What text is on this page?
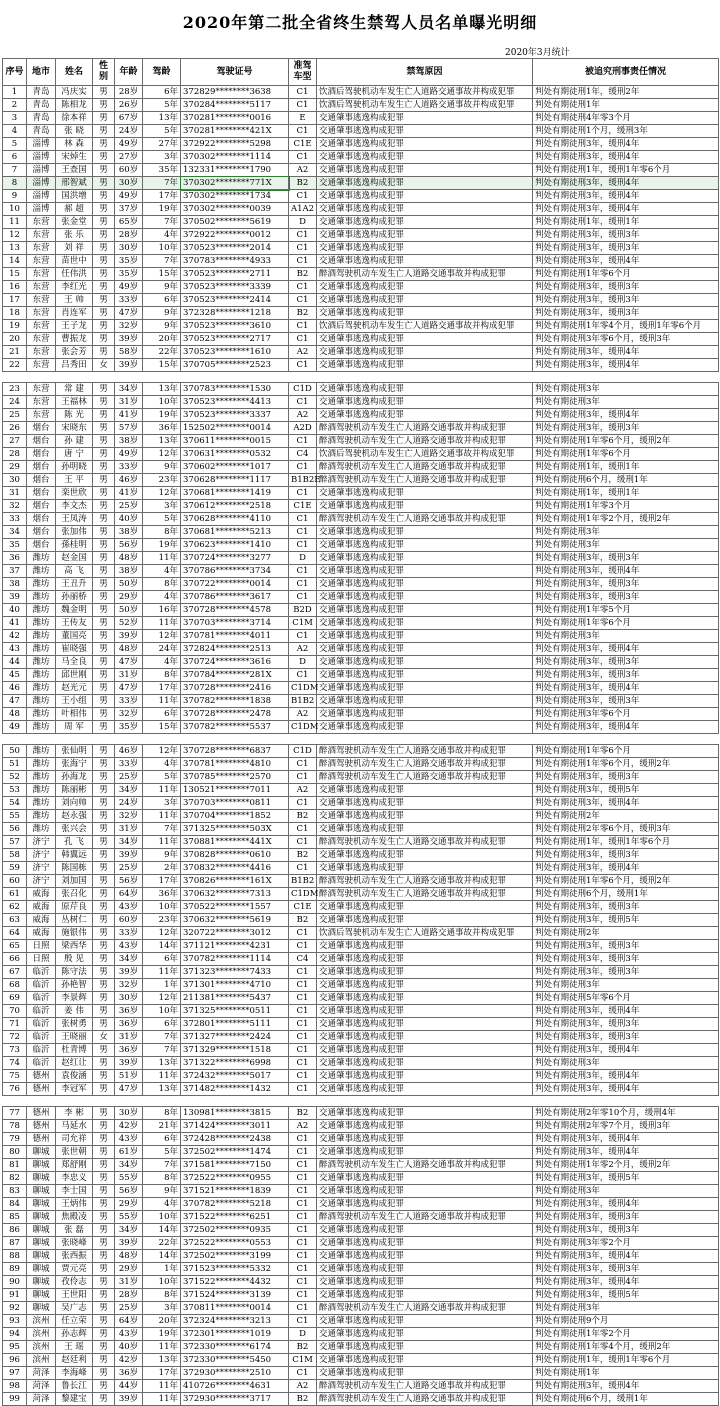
2020年第二批全省终生禁驾人员名单曝光明细
2020年3月统计
序号	地市	姓名	性别	年龄	驾龄	驾驶证号	准驾车型	禁驾原因	被追究刑事责任情况
1	青岛	冯庆实	男	28岁	6年	372829********3638	C1	饮酒后驾驶机动车发生亡人道路交通事故并构成犯罪	判处有期徒刑1年，缓刑2年
2	青岛	陈相龙	男	26岁	5年	370284********5117	C1	饮酒后驾驶机动车发生亡人道路交通事故并构成犯罪	判处有期徒刑1年
3	青岛	徐本祥	男	67岁	13年	370281********0016	E	交通肇事逃逸构成犯罪	判处有期徒刑4年零3个月
4	青岛	张 晓	男	24岁	5年	370281********421X	C1	交通肇事逃逸构成犯罪	判处有期徒刑1个月，缓刑3年
5	淄博	林 森	男	49岁	27年	372922********5298	C1E	交通肇事逃逸构成犯罪	判处有期徒刑3年，缓刑4年
6	淄博	宋焯生	男	27岁	3年	370302********1114	C1	交通肇事逃逸构成犯罪	判处有期徒刑3年，缓刑4年
7	淄博	王查国	男	60岁	35年	132331********1790	A2	交通肇事逃逸构成犯罪	判处有期徒刑1年，缓刑1年零6个月
8	淄博	邢智斌	男	30岁	7年	370302********771X	B2	交通肇事逃逸构成犯罪	判处有期徒刑3年，缓刑4年
9	淄博	国洪增	男	49岁	17年	370302********1734	C1	交通肇事逃逸构成犯罪	判处有期徒刑3年，缓刑4年
10	淄博	郝 超	男	37岁	19年	370302********0039	A1A2	交通肇事逃逸构成犯罪	判处有期徒刑3年，缓刑4年
11	东营	张金堂	男	65岁	7年	370502********5619	D	交通肇事逃逸构成犯罪	判处有期徒刑1年，缓刑1年
12	东营	张 乐	男	28岁	4年	372922********0012	C1	交通肇事逃逸构成犯罪	判处有期徒刑3年，缓刑3年
13	东营	刘 祥	男	30岁	10年	370523********2014	C1	交通肇事逃逸构成犯罪	判处有期徒刑3年，缓刑3年
14	东营	苗世中	男	35岁	7年	370783********4933	C1	交通肇事逃逸构成犯罪	判处有期徒刑3年，缓刑4年
15	东营	任伟洪	男	35岁	15年	370523********2711	B2	醉酒驾驶机动车发生亡人道路交通事故并构成犯罪	判处有期徒刑1年零6个月
16	东营	李红光	男	49岁	9年	370523********3339	C1	交通肇事逃逸构成犯罪	判处有期徒刑3年，缓刑3年
17	东营	王 帅	男	33岁	6年	370523********2414	C1	交通肇事逃逸构成犯罪	判处有期徒刑3年，缓刑3年
18	东营	肖连军	男	47岁	9年	372328********1218	B2	交通肇事逃逸构成犯罪	判处有期徒刑3年，缓刑3年
19	东营	王子龙	男	32岁	9年	370523********3610	C1	饮酒后驾驶机动车发生亡人道路交通事故并构成犯罪	判处有期徒刑1年零4个月，缓刑1年零6个月
20	东营	曹振龙	男	39岁	20年	370523********2717	C1	交通肇事逃逸构成犯罪	判处有期徒刑3年零6个月，缓刑3年
21	东营	张会芳	男	58岁	22年	370523********1610	A2	交通肇事逃逸构成犯罪	判处有期徒刑3年，缓刑4年
22	东营	吕秀田	女	39岁	15年	370705********2523	C1	交通肇事逃逸构成犯罪	判处有期徒刑3年，缓刑4年

23	东营	常 建	男	34岁	13年	370783********1530	C1D	交通肇事逃逸构成犯罪	判处有期徒刑3年
24	东营	王福林	男	31岁	10年	370523********4413	C1	交通肇事逃逸构成犯罪	判处有期徒刑3年
25	东营	陈 光	男	41岁	19年	370523********3337	A2	交通肇事逃逸构成犯罪	判处有期徒刑3年，缓刑4年
26	烟台	宋晓东	男	57岁	36年	152502********0014	A2D	醉酒驾驶机动车发生亡人道路交通事故并构成犯罪	判处有期徒刑3年，缓刑3年
27	烟台	孙 建	男	38岁	13年	370611********0015	C1	醉酒驾驶机动车发生亡人道路交通事故并构成犯罪	判处有期徒刑1年零6个月，缓刑2年
28	烟台	唐 宁	男	49岁	12年	370631********0532	C4	饮酒后驾驶机动车发生亡人道路交通事故并构成犯罪	判处有期徒刑1年零6个月
29	烟台	孙明晓	男	33岁	9年	370602********1017	C1	醉酒驾驶机动车发生亡人道路交通事故并构成犯罪	判处有期徒刑1年，缓刑1年
30	烟台	王 平	男	46岁	23年	370628********1117	B1B2E	醉酒驾驶机动车发生亡人道路交通事故并构成犯罪	判处有期徒刑6个月，缓刑1年
31	烟台	栾世欣	男	41岁	12年	370681********1419	C1	交通肇事逃逸构成犯罪	判处有期徒刑1年，缓刑1年
32	烟台	李文杰	男	25岁	3年	370612********2518	C1E	交通肇事逃逸构成犯罪	判处有期徒刑1年零3个月
33	烟台	王凤涛	男	40岁	5年	370628********4110	C1	醉酒驾驶机动车发生亡人道路交通事故并构成犯罪	判处有期徒刑1年零2个月，缓刑2年
34	烟台	张加伟	男	38岁	8年	370681********5213	C1	交通肇事逃逸构成犯罪	判处有期徒刑3年
35	烟台	孫桂明	男	56岁	19年	370623********1410	C1	交通肇事逃逸构成犯罪	判处有期徒刑3年
36	潍坊	赵金国	男	48岁	11年	370724********3277	D	交通肇事逃逸构成犯罪	判处有期徒刑3年，缓刑3年
37	潍坊	高 飞	男	38岁	4年	370786********3734	C1	交通肇事逃逸构成犯罪	判处有期徒刑3年，缓刑4年
38	潍坊	王丑升	男	50岁	8年	370722********0014	C1	交通肇事逃逸构成犯罪	判处有期徒刑3年，缓刑3年
39	潍坊	孙丽桥	男	29岁	4年	370786********3617	C1	交通肇事逃逸构成犯罪	判处有期徒刑3年，缓刑3年
40	潍坊	魏金明	男	50岁	16年	370728********4578	B2D	交通肇事逃逸构成犯罪	判处有期徒刑1年零5个月
41	潍坊	王传友	男	52岁	11年	370703********3714	C1M	交通肇事逃逸构成犯罪	判处有期徒刑1年零6个月
42	潍坊	董国亮	男	39岁	12年	370781********4011	C1	交通肇事逃逸构成犯罪	判处有期徒刑3年
43	潍坊	崔晓强	男	48岁	24年	372824********2513	A2	交通肇事逃逸构成犯罪	判处有期徒刑3年，缓刑4年
44	潍坊	马全良	男	47岁	4年	370724********3616	D	交通肇事逃逸构成犯罪	判处有期徒刑3年，缓刑3年
45	潍坊	邱世刚	男	31岁	8年	370784********281X	C1	交通肇事逃逸构成犯罪	判处有期徒刑3年，缓刑3年
46	潍坊	赵光元	男	47岁	17年	370728********2416	C1DM	交通肇事逃逸构成犯罪	判处有期徒刑3年，缓刑4年
47	潍坊	王小组	男	33岁	11年	370782********1838	B1B2	交通肇事逃逸构成犯罪	判处有期徒刑3年，缓刑3年
48	潍坊	叶相伟	男	32岁	6年	370728********2478	A2	交通肇事逃逸构成犯罪	判处有期徒刑3年零6个月
49	潍坊	周 军	男	35岁	15年	370782********5537	C1DM	交通肇事逃逸构成犯罪	判处有期徒刑3年，缓刑4年

50	潍坊	张仙明	男	46岁	12年	370728********6837	C1D	醉酒驾驶机动车发生亡人道路交通事故并构成犯罪	判处有期徒刑1年零6个月
51	潍坊	张海宁	男	33岁	4年	370781********4810	C1	醉酒驾驶机动车发生亡人道路交通事故并构成犯罪	判处有期徒刑1年零6个月，缓刑2年
52	潍坊	孙海龙	男	25岁	5年	370785********2570	C1	醉酒驾驶机动车发生亡人道路交通事故并构成犯罪	判处有期徒刑3年，缓刑3年
53	潍坊	陈丽彬	男	34岁	11年	130521********7011	A2	交通肇事逃逸构成犯罪	判处有期徒刑3年，缓刑5年
54	潍坊	刘向帅	男	24岁	3年	370703********0811	C1	交通肇事逃逸构成犯罪	判处有期徒刑3年，缓刑4年
55	潍坊	赵永强	男	32岁	11年	370704********1852	B2	交通肇事逃逸构成犯罪	判处有期徒刑2年
56	潍坊	张兴会	男	31岁	7年	371325********503X	C1	交通肇事逃逸构成犯罪	判处有期徒刑2年零6个月，缓刑3年
57	济宁	孔 飞	男	34岁	11年	370881********441X	C1	醉酒驾驶机动车发生亡人道路交通事故并构成犯罪	判处有期徒刑1年，缓刑1年零6个月
58	济宁	韩翼远	男	39岁	9年	370828********0610	B2	交通肇事逃逸构成犯罪	判处有期徒刑3年，缓刑3年
59	济宁	陈国栋	男	25岁	2年	370832********4416	C1	交通肇事逃逸构成犯罪	判处有期徒刑3年，缓刑4年
60	济宁	刘加国	男	56岁	17年	370826********161X	B1B2	醉酒驾驶机动车发生亡人道路交通事故并构成犯罪	判处有期徒刑1年零6个月，缓刑2年
61	威海	张召化	男	64岁	36年	370632********7313	C1DM	醉酒驾驶机动车发生亡人道路交通事故并构成犯罪	判处有期徒刑6个月，缓刑1年
62	威海	原芹良	男	43岁	10年	370522********1557	C1E	交通肇事逃逸构成犯罪	判处有期徒刑3年，缓刑3年
63	威海	丛树仁	男	60岁	23年	370632********5619	B2	交通肇事逃逸构成犯罪	判处有期徒刑3年，缓刑5年
64	威海	施银伟	男	33岁	12年	320722********3012	C1	饮酒后驾驶机动车发生亡人道路交通事故并构成犯罪	判处有期徒刑2年
65	日照	梁西华	男	43岁	14年	371121********4231	C1	交通肇事逃逸构成犯罪	判处有期徒刑3年，缓刑3年
66	日照	殷 见	男	34岁	6年	370782********1114	C4	交通肇事逃逸构成犯罪	判处有期徒刑3年，缓刑3年
67	临沂	陈守法	男	39岁	11年	371323********7433	C1	交通肇事逃逸构成犯罪	判处有期徒刑3年，缓刑3年
68	临沂	孙艳智	男	32岁	1年	371301********4710	C1	交通肇事逃逸构成犯罪	判处有期徒刑3年
69	临沂	李景辉	男	30岁	12年	211381********5437	C1	交通肇事逃逸构成犯罪	判处有期徒刑5年零6个月
70	临沂	姜 伟	男	36岁	10年	371325********0511	C1	交通肇事逃逸构成犯罪	判处有期徒刑3年，缓刑4年
71	临沂	张树勇	男	36岁	6年	372801********5111	C1	交通肇事逃逸构成犯罪	判处有期徒刑3年，缓刑3年
72	临沂	王晓丽	女	31岁	7年	371327********2424	C1	交通肇事逃逸构成犯罪	判处有期徒刑3年，缓刑3年
73	临沂	杜青博	男	36岁	7年	371329********1518	C1	交通肇事逃逸构成犯罪	判处有期徒刑3年，缓刑4年
74	临沂	赵红让	男	39岁	13年	371322********6998	C1	交通肇事逃逸构成犯罪	判处有期徒刑3年
75	德州	袁俊涵	男	51岁	11年	372432********5017	C1	交通肇事逃逸构成犯罪	判处有期徒刑3年，缓刑4年
76	德州	李冠军	男	47岁	13年	371482********1432	C1	交通肇事逃逸构成犯罪	判处有期徒刑3年，缓刑4年

77	德州	李 彬	男	30岁	8年	130981********3815	B2	交通肇事逃逸构成犯罪	判处有期徒刑2年零10个月，缓刑4年
78	德州	马延水	男	42岁	21年	371424********3011	A2	交通肇事逃逸构成犯罪	判处有期徒刑2年零7个月，缓刑3年
79	德州	司允祥	男	43岁	6年	372428********2438	C1	交通肇事逃逸构成犯罪	判处有期徒刑3年，缓刑4年
80	聊城	张世朝	男	61岁	5年	372502********1474	C1	交通肇事逃逸构成犯罪	判处有期徒刑3年，缓刑4年
81	聊城	郑舒刚	男	34岁	7年	371581********7150	C1	醉酒驾驶机动车发生亡人道路交通事故并构成犯罪	判处有期徒刑1年零2个月，缓刑2年
82	聊城	李忠义	男	55岁	8年	372522********0955	C1	交通肇事逃逸构成犯罪	判处有期徒刑3年，缓刑5年
83	聊城	李士国	男	56岁	9年	371521********1839	C1	交通肇事逃逸构成犯罪	判处有期徒刑3年
84	聊城	王炳伟	男	29岁	4年	370782********5218	C1	交通肇事逃逸构成犯罪	判处有期徒刑3年，缓刑4年
85	聊城	焦殿凌	男	55岁	10年	371522********6251	C1	醉酒驾驶机动车发生亡人道路交通事故并构成犯罪	判处有期徒刑3年，缓刑3年
86	聊城	张 磊	男	34岁	14年	372502********0935	C1	交通肇事逃逸构成犯罪	判处有期徒刑3年，缓刑3年
87	聊城	张晓峰	男	39岁	22年	372522********0553	C1	交通肇事逃逸构成犯罪	判处有期徒刑3年零2个月
88	聊城	张西振	男	48岁	14年	372502********3199	C1	交通肇事逃逸构成犯罪	判处有期徒刑3年，缓刑4年
89	聊城	贾元亮	男	29岁	1年	371523********5332	C1	交通肇事逃逸构成犯罪	判处有期徒刑3年，缓刑3年
90	聊城	孜伶志	男	31岁	10年	371522********4432	C1	交通肇事逃逸构成犯罪	判处有期徒刑3年，缓刑4年
91	聊城	王世阳	男	28岁	8年	371524********3139	C1	交通肇事逃逸构成犯罪	判处有期徒刑3年，缓刑5年
92	聊城	吴广志	男	25岁	3年	370811********0014	C1	醉酒驾驶机动车发生亡人道路交通事故并构成犯罪	判处有期徒刑3年
93	滨州	任立荣	男	64岁	20年	372324********3213	C1	交通肇事逃逸构成犯罪	判处有期徒刑9个月
94	滨州	孙志辉	男	43岁	19年	372301********1019	D	交通肇事逃逸构成犯罪	判处有期徒刑1年零2个月
95	滨州	王 瑶	男	40岁	11年	372330********6174	B2	交通肇事逃逸构成犯罪	判处有期徒刑1年零4个月，缓刑2年
96	滨州	赵廷利	男	42岁	13年	372330********5450	C1M	交通肇事逃逸构成犯罪	判处有期徒刑1年，缓刑1年零6个月
97	菏泽	李海峰	男	36岁	17年	372930********2510	C1	交通肇事逃逸构成犯罪	判处有期徒刑1年
98	菏泽	鲁长江	男	44岁	11年	410726********4631	A2	醉酒驾驶机动车发生亡人道路交通事故并构成犯罪	判处有期徒刑3年，缓刑4年
99	菏泽	黎建宝	男	39岁	11年	372930********3717	B2	醉酒驾驶机动车发生亡人道路交通事故并构成犯罪	判处有期徒刑6个月，缓刑1年
